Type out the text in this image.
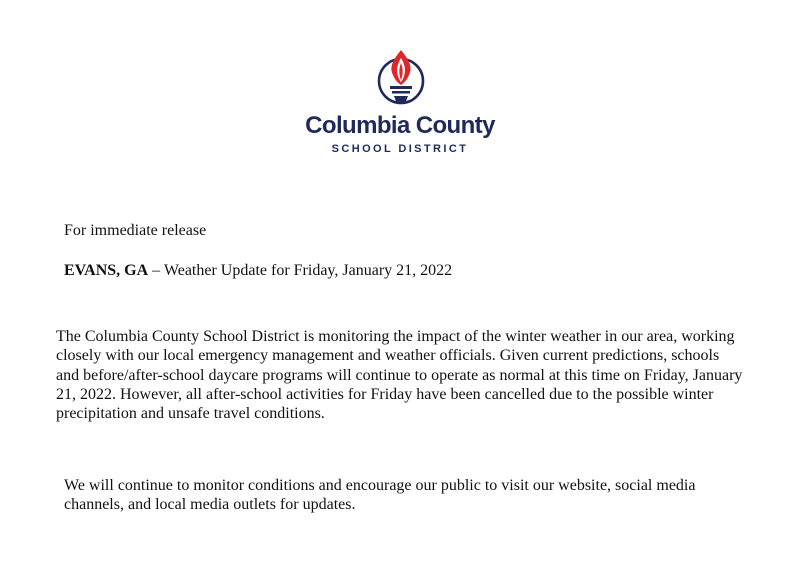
Columbia County
SCHOOL DISTRICT
For immediate release
EVANS, GA – Weather Update for Friday, January 21, 2022

The Columbia County School District is monitoring the impact of the winter weather in our area, working closely with our local emergency management and weather officials. Given current predictions, schools and before/after-school daycare programs will continue to operate as normal at this time on Friday, January 21, 2022. However, all after-school activities for Friday have been cancelled due to the possible winter precipitation and unsafe travel conditions.

We will continue to monitor conditions and encourage our public to visit our website, social media channels, and local media outlets for updates.
